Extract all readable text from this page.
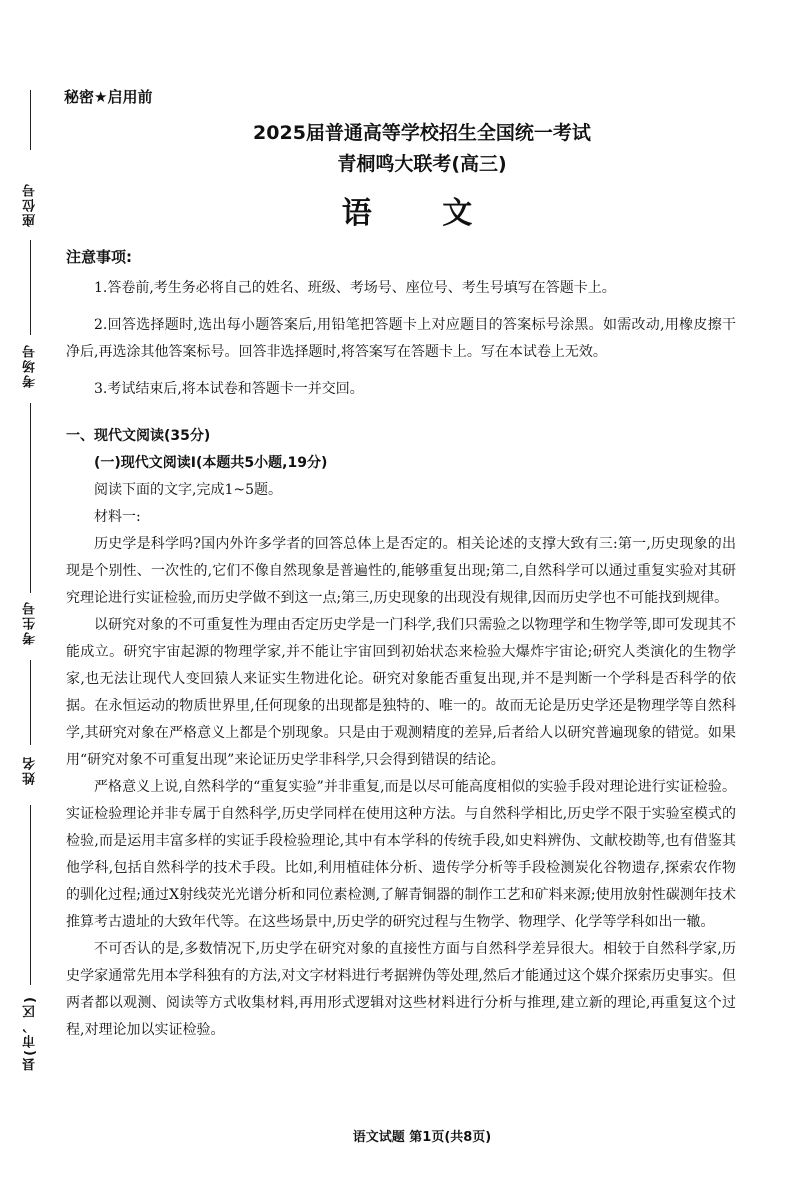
座位号
考场号
考生号
姓名
县(市、区)
秘密★启用前
2025届普通高等学校招生全国统一考试
青桐鸣大联考(高三)
语 文
注意事项:

1.答卷前,考生务必将自己的姓名、班级、考场号、座位号、考生号填写在答题卡上。

2.回答选择题时,选出每小题答案后,用铅笔把答题卡上对应题目的答案标号涂黑。如需改动,用橡皮擦干净后,再选涂其他答案标号。回答非选择题时,将答案写在答题卡上。写在本试卷上无效。

3.考试结束后,将本试卷和答题卡一并交回。

一、现代文阅读(35分)
(一)现代文阅读Ⅰ(本题共5小题,19分)
阅读下面的文字,完成1~5题。
材料一:

历史学是科学吗?国内外许多学者的回答总体上是否定的。相关论述的支撑大致有三:第一,历史现象的出现是个别性、一次性的,它们不像自然现象是普遍性的,能够重复出现;第二,自然科学可以通过重复实验对其研究理论进行实证检验,而历史学做不到这一点;第三,历史现象的出现没有规律,因而历史学也不可能找到规律。

以研究对象的不可重复性为理由否定历史学是一门科学,我们只需验之以物理学和生物学等,即可发现其不能成立。研究宇宙起源的物理学家,并不能让宇宙回到初始状态来检验大爆炸宇宙论;研究人类演化的生物学家,也无法让现代人变回猿人来证实生物进化论。研究对象能否重复出现,并不是判断一个学科是否科学的依据。在永恒运动的物质世界里,任何现象的出现都是独特的、唯一的。故而无论是历史学还是物理学等自然科学,其研究对象在严格意义上都是个别现象。只是由于观测精度的差异,后者给人以研究普遍现象的错觉。如果用“研究对象不可重复出现”来论证历史学非科学,只会得到错误的结论。

严格意义上说,自然科学的“重复实验”并非重复,而是以尽可能高度相似的实验手段对理论进行实证检验。实证检验理论并非专属于自然科学,历史学同样在使用这种方法。与自然科学相比,历史学不限于实验室模式的检验,而是运用丰富多样的实证手段检验理论,其中有本学科的传统手段,如史料辨伪、文献校勘等,也有借鉴其他学科,包括自然科学的技术手段。比如,利用植硅体分析、遗传学分析等手段检测炭化谷物遗存,探索农作物的驯化过程;通过X射线荧光光谱分析和同位素检测,了解青铜器的制作工艺和矿料来源;使用放射性碳测年技术推算考古遗址的大致年代等。在这些场景中,历史学的研究过程与生物学、物理学、化学等学科如出一辙。

不可否认的是,多数情况下,历史学在研究对象的直接性方面与自然科学差异很大。相较于自然科学家,历史学家通常先用本学科独有的方法,对文字材料进行考据辨伪等处理,然后才能通过这个媒介探索历史事实。但两者都以观测、阅读等方式收集材料,再用形式逻辑对这些材料进行分析与推理,建立新的理论,再重复这个过程,对理论加以实证检验。

语文试题 第1页(共8页)
